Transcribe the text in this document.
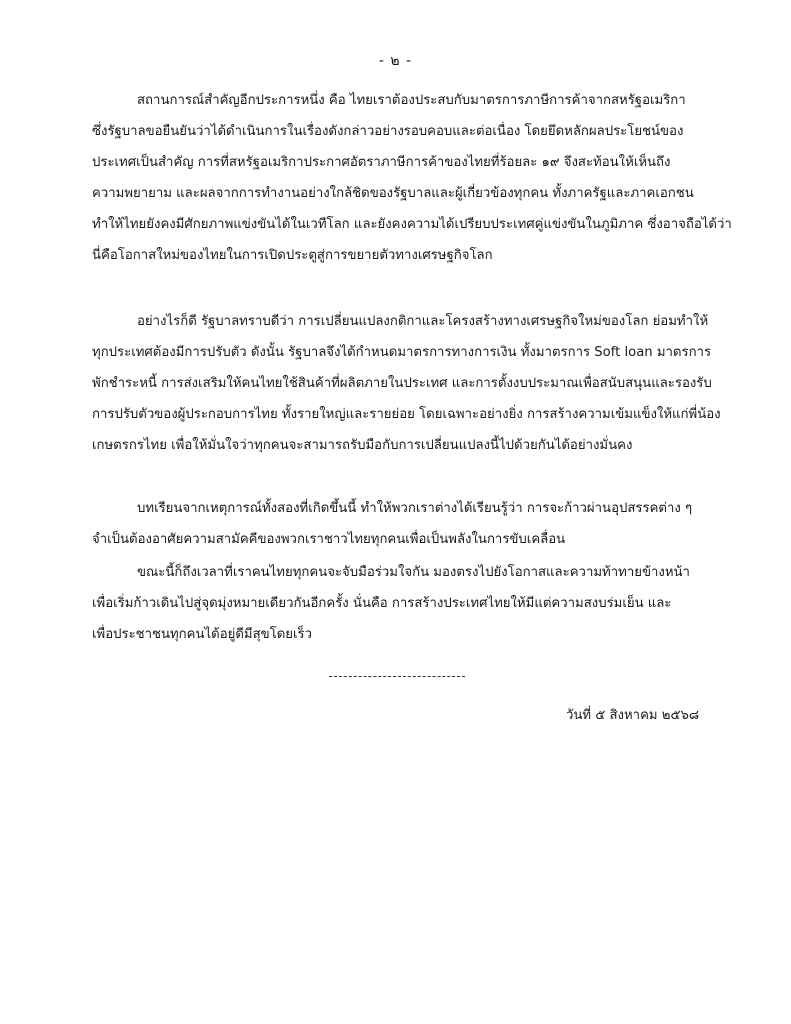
- ๒ -
สถานการณ์สำคัญอีกประการหนึ่ง คือ ไทยเราต้องประสบกับมาตรการภาษีการค้าจากสหรัฐอเมริกา
ซึ่งรัฐบาลขอยืนยันว่าได้ดำเนินการในเรื่องดังกล่าวอย่างรอบคอบและต่อเนื่อง โดยยึดหลักผลประโยชน์ของ
ประเทศเป็นสำคัญ การที่สหรัฐอเมริกาประกาศอัตราภาษีการค้าของไทยที่ร้อยละ ๑๙ จึงสะท้อนให้เห็นถึง
ความพยายาม และผลจากการทำงานอย่างใกล้ชิดของรัฐบาลและผู้เกี่ยวข้องทุกคน ทั้งภาครัฐและภาคเอกชน
ทำให้ไทยยังคงมีศักยภาพแข่งขันได้ในเวทีโลก และยังคงความได้เปรียบประเทศคู่แข่งขันในภูมิภาค ซึ่งอาจถือได้ว่า
นี่คือโอกาสใหม่ของไทยในการเปิดประตูสู่การขยายตัวทางเศรษฐกิจโลก
อย่างไรก็ดี รัฐบาลทราบดีว่า การเปลี่ยนแปลงกติกาและโครงสร้างทางเศรษฐกิจใหม่ของโลก ย่อมทำให้
ทุกประเทศต้องมีการปรับตัว ดังนั้น รัฐบาลจึงได้กำหนดมาตรการทางการเงิน ทั้งมาตรการ Soft loan มาตรการ
พักชำระหนี้ การส่งเสริมให้คนไทยใช้สินค้าที่ผลิตภายในประเทศ และการตั้งงบประมาณเพื่อสนับสนุนและรองรับ
การปรับตัวของผู้ประกอบการไทย ทั้งรายใหญ่และรายย่อย โดยเฉพาะอย่างยิ่ง การสร้างความเข้มแข็งให้แก่พี่น้อง
เกษตรกรไทย เพื่อให้มั่นใจว่าทุกคนจะสามารถรับมือกับการเปลี่ยนแปลงนี้ไปด้วยกันได้อย่างมั่นคง
บทเรียนจากเหตุการณ์ทั้งสองที่เกิดขึ้นนี้ ทำให้พวกเราต่างได้เรียนรู้ว่า การจะก้าวผ่านอุปสรรคต่าง ๆ
จำเป็นต้องอาศัยความสามัคคีของพวกเราชาวไทยทุกคนเพื่อเป็นพลังในการขับเคลื่อน
ขณะนี้ก็ถึงเวลาที่เราคนไทยทุกคนจะจับมือร่วมใจกัน มองตรงไปยังโอกาสและความท้าทายข้างหน้า
เพื่อเริ่มก้าวเดินไปสู่จุดมุ่งหมายเดียวกันอีกครั้ง นั่นคือ การสร้างประเทศไทยให้มีแต่ความสงบร่มเย็น และ
เพื่อประชาชนทุกคนได้อยู่ดีมีสุขโดยเร็ว
วันที่ ๕ สิงหาคม ๒๕๖๘
